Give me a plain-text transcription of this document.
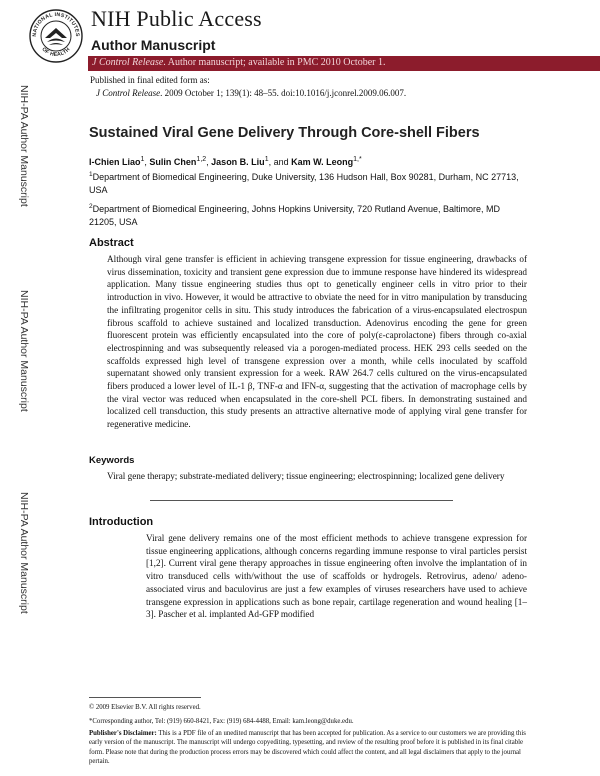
NATIONAL INSTITUTES
OF HEALTH
NIH Public Access
Author Manuscript
J Control Release. Author manuscript; available in PMC 2010 October 1.
Published in final edited form as:
J Control Release. 2009 October 1; 139(1): 48–55. doi:10.1016/j.jconrel.2009.06.007.
NIH-PA Author Manuscript
NIH-PA Author Manuscript
NIH-PA Author Manuscript
Sustained Viral Gene Delivery Through Core-shell Fibers
I-Chien Liao$^1$, Sulin Chen$^{1,2}$, Jason B. Liu$^1$, and Kam W. Leong$^{1,*}$
$^1$Department of Biomedical Engineering, Duke University, 136 Hudson Hall, Box 90281, Durham, NC 27713, USA
$^2$Department of Biomedical Engineering, Johns Hopkins University, 720 Rutland Avenue, Baltimore, MD 21205, USA
Abstract
Although viral gene transfer is efficient in achieving transgene expression for tissue engineering, drawbacks of virus dissemination, toxicity and transient gene expression due to immune response have hindered its widespread application. Many tissue engineering studies thus opt to genetically engineer cells in vitro prior to their introduction in vivo. However, it would be attractive to obviate the need for in vitro manipulation by transducing the infiltrating progenitor cells in situ. This study introduces the fabrication of a virus-encapsulated electrospun fibrous scaffold to achieve sustained and localized transduction. Adenovirus encoding the gene for green fluorescent protein was efficiently encapsulated into the core of poly(ε-caprolactone) fibers through co-axial electrospinning and was subsequently released via a porogen-mediated process. HEK 293 cells seeded on the scaffolds expressed high level of transgene expression over a month, while cells inoculated by scaffold supernatant showed only transient expression for a week. RAW 264.7 cells cultured on the virus-encapsulated fibers produced a lower level of IL-1 β, TNF-α and IFN-α, suggesting that the activation of macrophage cells by the viral vector was reduced when encapsulated in the core-shell PCL fibers. In demonstrating sustained and localized cell transduction, this study presents an attractive alternative mode of applying viral gene transfer for regenerative medicine.
Keywords
Viral gene therapy; substrate-mediated delivery; tissue engineering; electrospinning; localized gene delivery
Introduction
Viral gene delivery remains one of the most efficient methods to achieve transgene expression for tissue engineering applications, although concerns regarding immune response to viral particles persist [1,2]. Current viral gene therapy approaches in tissue engineering often involve the implantation of in vitro transduced cells with/without the use of scaffolds or hydrogels. Retrovirus, adeno/ adeno-associated virus and baculovirus are just a few examples of viruses researchers have used to achieve transgene expression in applications such as bone repair, cartilage regeneration and wound healing [1–3]. Pascher et al. implanted Ad-GFP modified
© 2009 Elsevier B.V. All rights reserved.
*Corresponding author, Tel: (919) 660-8421, Fax: (919) 684-4488, Email: kam.leong@duke.edu.
Publisher's Disclaimer: This is a PDF file of an unedited manuscript that has been accepted for publication. As a service to our customers we are providing this early version of the manuscript. The manuscript will undergo copyediting, typesetting, and review of the resulting proof before it is published in its final citable form. Please note that during the production process errors may be discovered which could affect the content, and all legal disclaimers that apply to the journal pertain.
